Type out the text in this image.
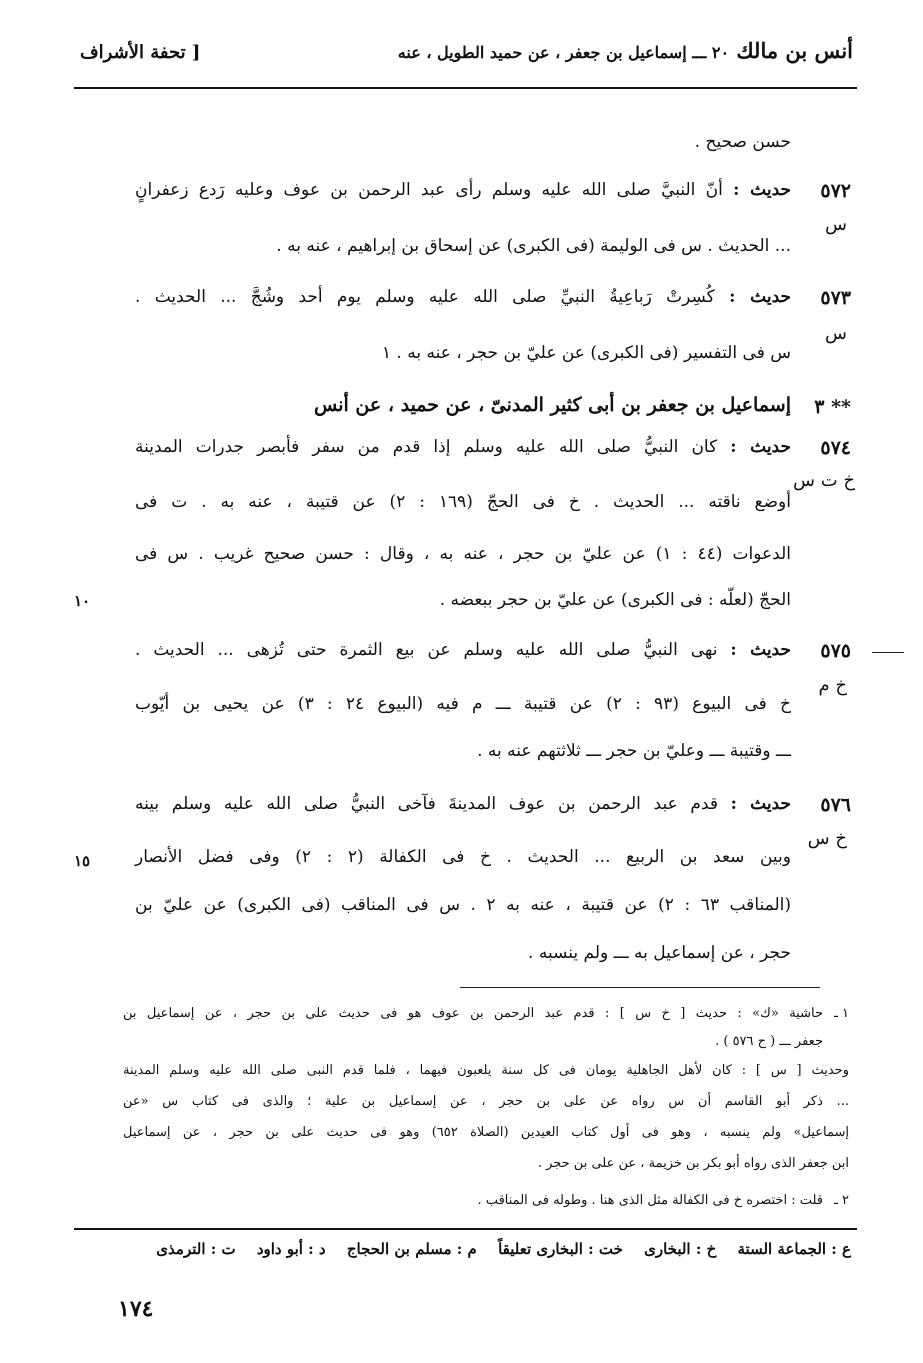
أنس بن مالك ٢٠ ـــ إسماعيل بن جعفر ، عن حميد الطويل ، عنه
[ تحفة الأشراف
حسن صحيح .
٥٧٢
س
حديث : أنّ النبيَّ صلى الله عليه وسلم رأى عبد الرحمن بن عوف وعليه رَدع زعفرانٍ
... الحديث . س فى الوليمة (فى الكبرى) عن إسحاق بن إبراهيم ، عنه به .
٥٧٣
س
حديث : كُسِرتْ رَباعِيةُ النبيِّ صلى الله عليه وسلم يوم أحد وشُجَّ ... الحديث .
س فى التفسير (فى الكبرى) عن عليّ بن حجر ، عنه به . ١
٣ **
إسماعيل بن جعفر بن أبى كثير المدنىّ ، عن حميد ، عن أنس
٥٧٤
خ ت س
حديث : كان النبيُّ صلى الله عليه وسلم إذا قدم من سفر فأبصر جدرات المدينة
أوضع ناقته ... الحديث . خ فى الحجّ (١٦٩ : ٢) عن قتيبة ، عنه به . ت فى
الدعوات (٤٤ : ١) عن عليّ بن حجر ، عنه به ، وقال : حسن صحيح غريب . س فى
الحجّ (لعلّه : فى الكبرى) عن عليّ بن حجر ببعضه .
١٠
٥٧٥
خ م
حديث : نهى النبيُّ صلى الله عليه وسلم عن بيع الثمرة حتى تُزهى ... الحديث .
خ فى البيوع (٩٣ : ٢) عن قتيبة ـــ م فيه (البيوع ٢٤ : ٣) عن يحيى بن أيّوب
ـــ وقتيبة ـــ وعليّ بن حجر ـــ ثلاثتهم عنه به .
٥٧٦
خ س
حديث : قدم عبد الرحمن بن عوف المدينةَ فآخى النبيُّ صلى الله عليه وسلم بينه
وبين سعد بن الربيع ... الحديث . خ فى الكفالة (٢ : ٢) وفى فضل الأنصار
(المناقب ٦٣ : ٢) عن قتيبة ، عنه به ٢ . س فى المناقب (فى الكبرى) عن عليّ بن
حجر ، عن إسماعيل به ـــ ولم ينسبه .
١٥
١ ـ
حاشية «ك» : حديث [ خ س ] : قدم عبد الرحمن بن عوف هو فى حديث على بن حجر ، عن إسماعيل بن
جعفر ـــ ( ح ٥٧٦ ) .
وحديث [ س ] : كان لأهل الجاهلية يومان فى كل سنة يلعبون فيهما ، فلما قدم النبى صلى الله عليه وسلم المدينة
... ذكر أبو القاسم أن س رواه عن على بن حجر ، عن إسماعيل بن علية ؛ والذى فى كتاب س «عن
إسماعيل» ولم ينسبه ، وهو فى أول كتاب العيدين (الصلاة ٦٥٢) وهو فى حديث على بن حجر ، عن إسماعيل
ابن جعفر الذى رواه أبو بكر بن خزيمة ، عن على بن حجر .
٢ ـ
قلت : اختصره خ فى الكفالة مثل الذى هنا . وطوله فى المناقب .
ع : الجماعة الستة خ : البخارى خت : البخارى تعليقاً م : مسلم بن الحجاج د : أبو داود ت : الترمذى
١٧٤
